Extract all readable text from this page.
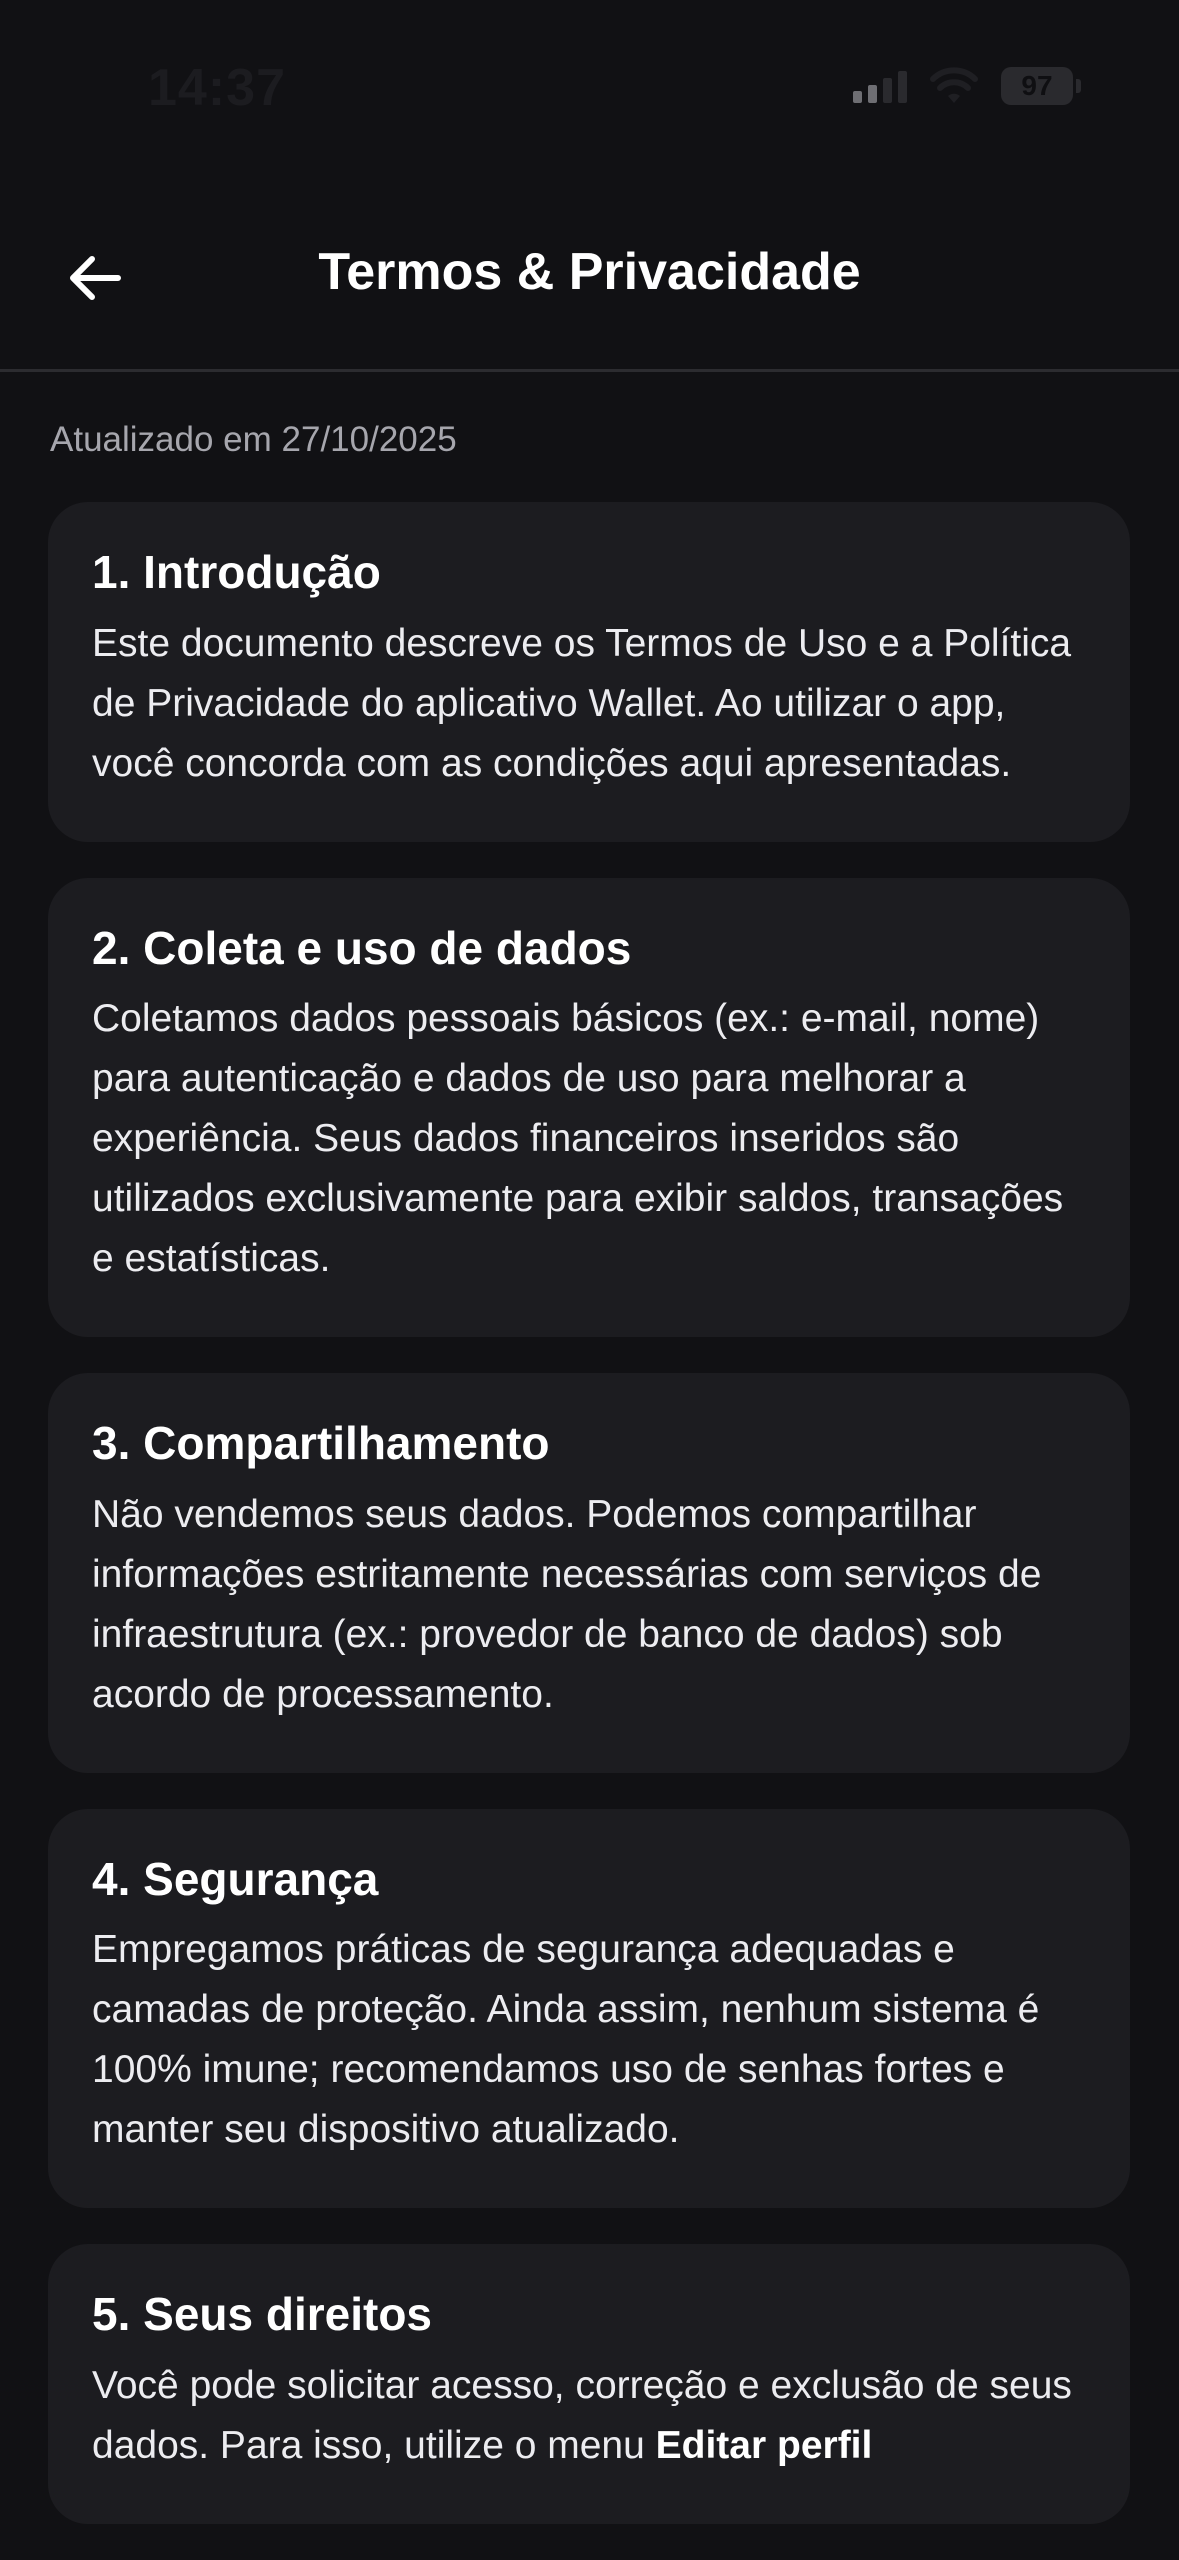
14:37	97
Termos & Privacidade
Atualizado em 27/10/2025
1. Introdução

Este documento descreve os Termos de Uso e a Política de Privacidade do aplicativo Wallet. Ao utilizar o app, você concorda com as condições aqui apresentadas.

2. Coleta e uso de dados

Coletamos dados pessoais básicos (ex.: e-mail, nome) para autenticação e dados de uso para melhorar a experiência. Seus dados financeiros inseridos são utilizados exclusivamente para exibir saldos, transações e estatísticas.

3. Compartilhamento

Não vendemos seus dados. Podemos compartilhar informações estritamente necessárias com serviços de infraestrutura (ex.: provedor de banco de dados) sob acordo de processamento.

4. Segurança

Empregamos práticas de segurança adequadas e camadas de proteção. Ainda assim, nenhum sistema é 100% imune; recomendamos uso de senhas fortes e manter seu dispositivo atualizado.

5. Seus direitos

Você pode solicitar acesso, correção e exclusão de seus dados. Para isso, utilize o menu Editar perfil
